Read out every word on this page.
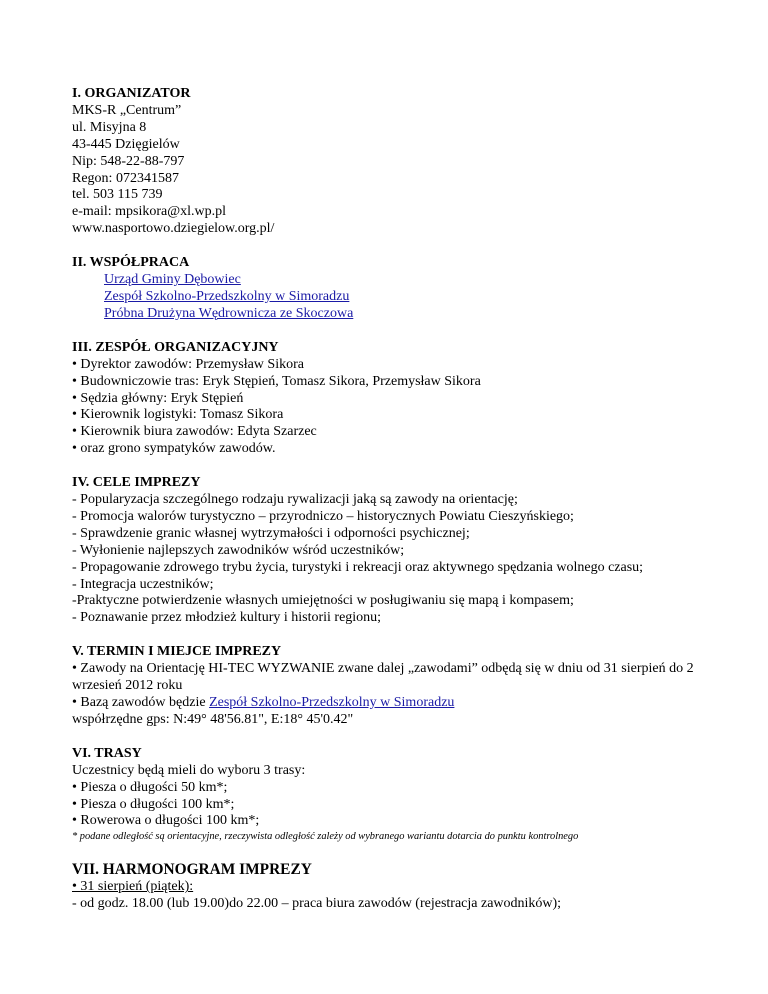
I. ORGANIZATOR

MKS-R „Centrum”

ul. Misyjna 8

43-445 Dzięgielów

Nip: 548-22-88-797

Regon: 072341587

tel. 503 115 739

e-mail: mpsikora@xl.wp.pl

www.nasportowo.dziegielow.org.pl/

II. WSPÓŁPRACA

Urząd Gminy Dębowiec

Zespół Szkolno-Przedszkolny w Simoradzu

Próbna Drużyna Wędrownicza ze Skoczowa

III. ZESPÓŁ ORGANIZACYJNY

• Dyrektor zawodów: Przemysław Sikora

• Budowniczowie tras: Eryk Stępień, Tomasz Sikora, Przemysław Sikora

• Sędzia główny: Eryk Stępień

• Kierownik logistyki: Tomasz Sikora

• Kierownik biura zawodów: Edyta Szarzec

• oraz grono sympatyków zawodów.

IV. CELE IMPREZY

- Popularyzacja szczególnego rodzaju rywalizacji jaką są zawody na orientację;

- Promocja walorów turystyczno – przyrodniczo – historycznych Powiatu Cieszyńskiego;

- Sprawdzenie granic własnej wytrzymałości i odporności psychicznej;

- Wyłonienie najlepszych zawodników wśród uczestników;

- Propagowanie zdrowego trybu życia, turystyki i rekreacji oraz aktywnego spędzania wolnego czasu;

- Integracja uczestników;

-Praktyczne potwierdzenie własnych umiejętności w posługiwaniu się mapą i kompasem;

- Poznawanie przez młodzież kultury i historii regionu;

V. TERMIN I MIEJCE IMPREZY

• Zawody na Orientację HI-TEC WYZWANIE zwane dalej „zawodami” odbędą się w dniu od 31 sierpień do 2 wrzesień 2012 roku

• Bazą zawodów będzie Zespół Szkolno-Przedszkolny w Simoradzu

współrzędne gps: N:49° 48'56.81", E:18° 45'0.42"

VI. TRASY

Uczestnicy będą mieli do wyboru 3 trasy:

• Piesza o długości 50 km*;

• Piesza o długości 100 km*;

• Rowerowa o długości 100 km*;

* podane odległość są orientacyjne, rzeczywista odległość zależy od wybranego wariantu dotarcia do punktu kontrolnego

VII. HARMONOGRAM IMPREZY

• 31 sierpień (piątek):

- od godz. 18.00 (lub 19.00)do 22.00 – praca biura zawodów (rejestracja zawodników);
